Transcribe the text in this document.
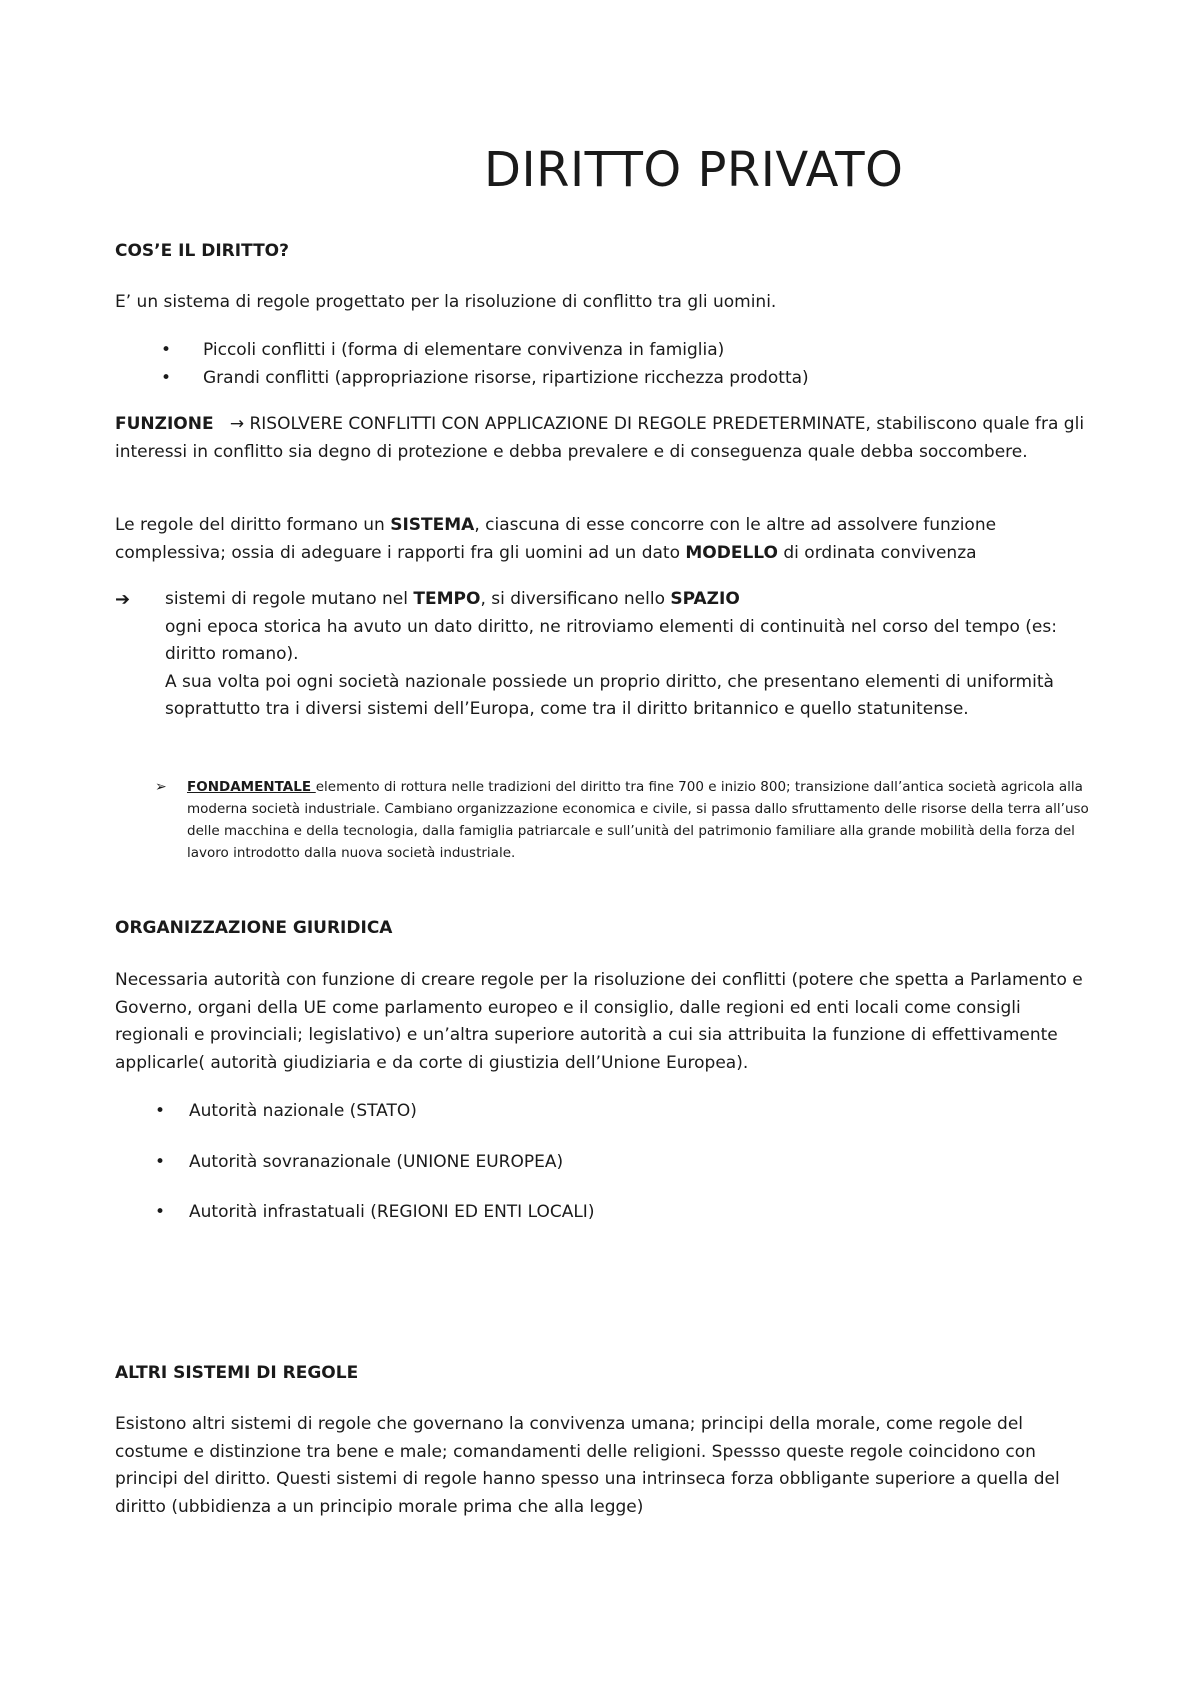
DIRITTO PRIVATO

COS’E IL DIRITTO?

E’ un sistema di regole progettato per la risoluzione di conflitto tra gli uomini.

• Piccoli conflitti i (forma di elementare convivenza in famiglia)
• Grandi conflitti (appropriazione risorse, ripartizione ricchezza prodotta)

FUNZIONE → RISOLVERE CONFLITTI CON APPLICAZIONE DI REGOLE PREDETERMINATE, stabiliscono quale fra gli interessi in conflitto sia degno di protezione e debba prevalere e di conseguenza quale debba soccombere.

Le regole del diritto formano un SISTEMA, ciascuna di esse concorre con le altre ad assolvere funzione complessiva; ossia di adeguare i rapporti fra gli uomini ad un dato MODELLO di ordinata convivenza

➔ sistemi di regole mutano nel TEMPO, si diversificano nello SPAZIO

ogni epoca storica ha avuto un dato diritto, ne ritroviamo elementi di continuità nel corso del tempo (es: diritto romano).

A sua volta poi ogni società nazionale possiede un proprio diritto, che presentano elementi di uniformità soprattutto tra i diversi sistemi dell’Europa, come tra il diritto britannico e quello statunitense.

➢ FONDAMENTALE elemento di rottura nelle tradizioni del diritto tra fine 700 e inizio 800; transizione dall’antica società agricola alla moderna società industriale. Cambiano organizzazione economica e civile, si passa dallo sfruttamento delle risorse della terra all’uso delle macchina e della tecnologia, dalla famiglia patriarcale e sull’unità del patrimonio familiare alla grande mobilità della forza del lavoro introdotto dalla nuova società industriale.

ORGANIZZAZIONE GIURIDICA

Necessaria autorità con funzione di creare regole per la risoluzione dei conflitti (potere che spetta a Parlamento e Governo, organi della UE come parlamento europeo e il consiglio, dalle regioni ed enti locali come consigli regionali e provinciali; legislativo) e un’altra superiore autorità a cui sia attribuita la funzione di effettivamente applicarle( autorità giudiziaria e da corte di giustizia dell’Unione Europea).

• Autorità nazionale (STATO)
• Autorità sovranazionale (UNIONE EUROPEA)
• Autorità infrastatuali (REGIONI ED ENTI LOCALI)

ALTRI SISTEMI DI REGOLE

Esistono altri sistemi di regole che governano la convivenza umana; principi della morale, come regole del costume e distinzione tra bene e male; comandamenti delle religioni. Spessso queste regole coincidono con principi del diritto. Questi sistemi di regole hanno spesso una intrinseca forza obbligante superiore a quella del diritto (ubbidienza a un principio morale prima che alla legge)
